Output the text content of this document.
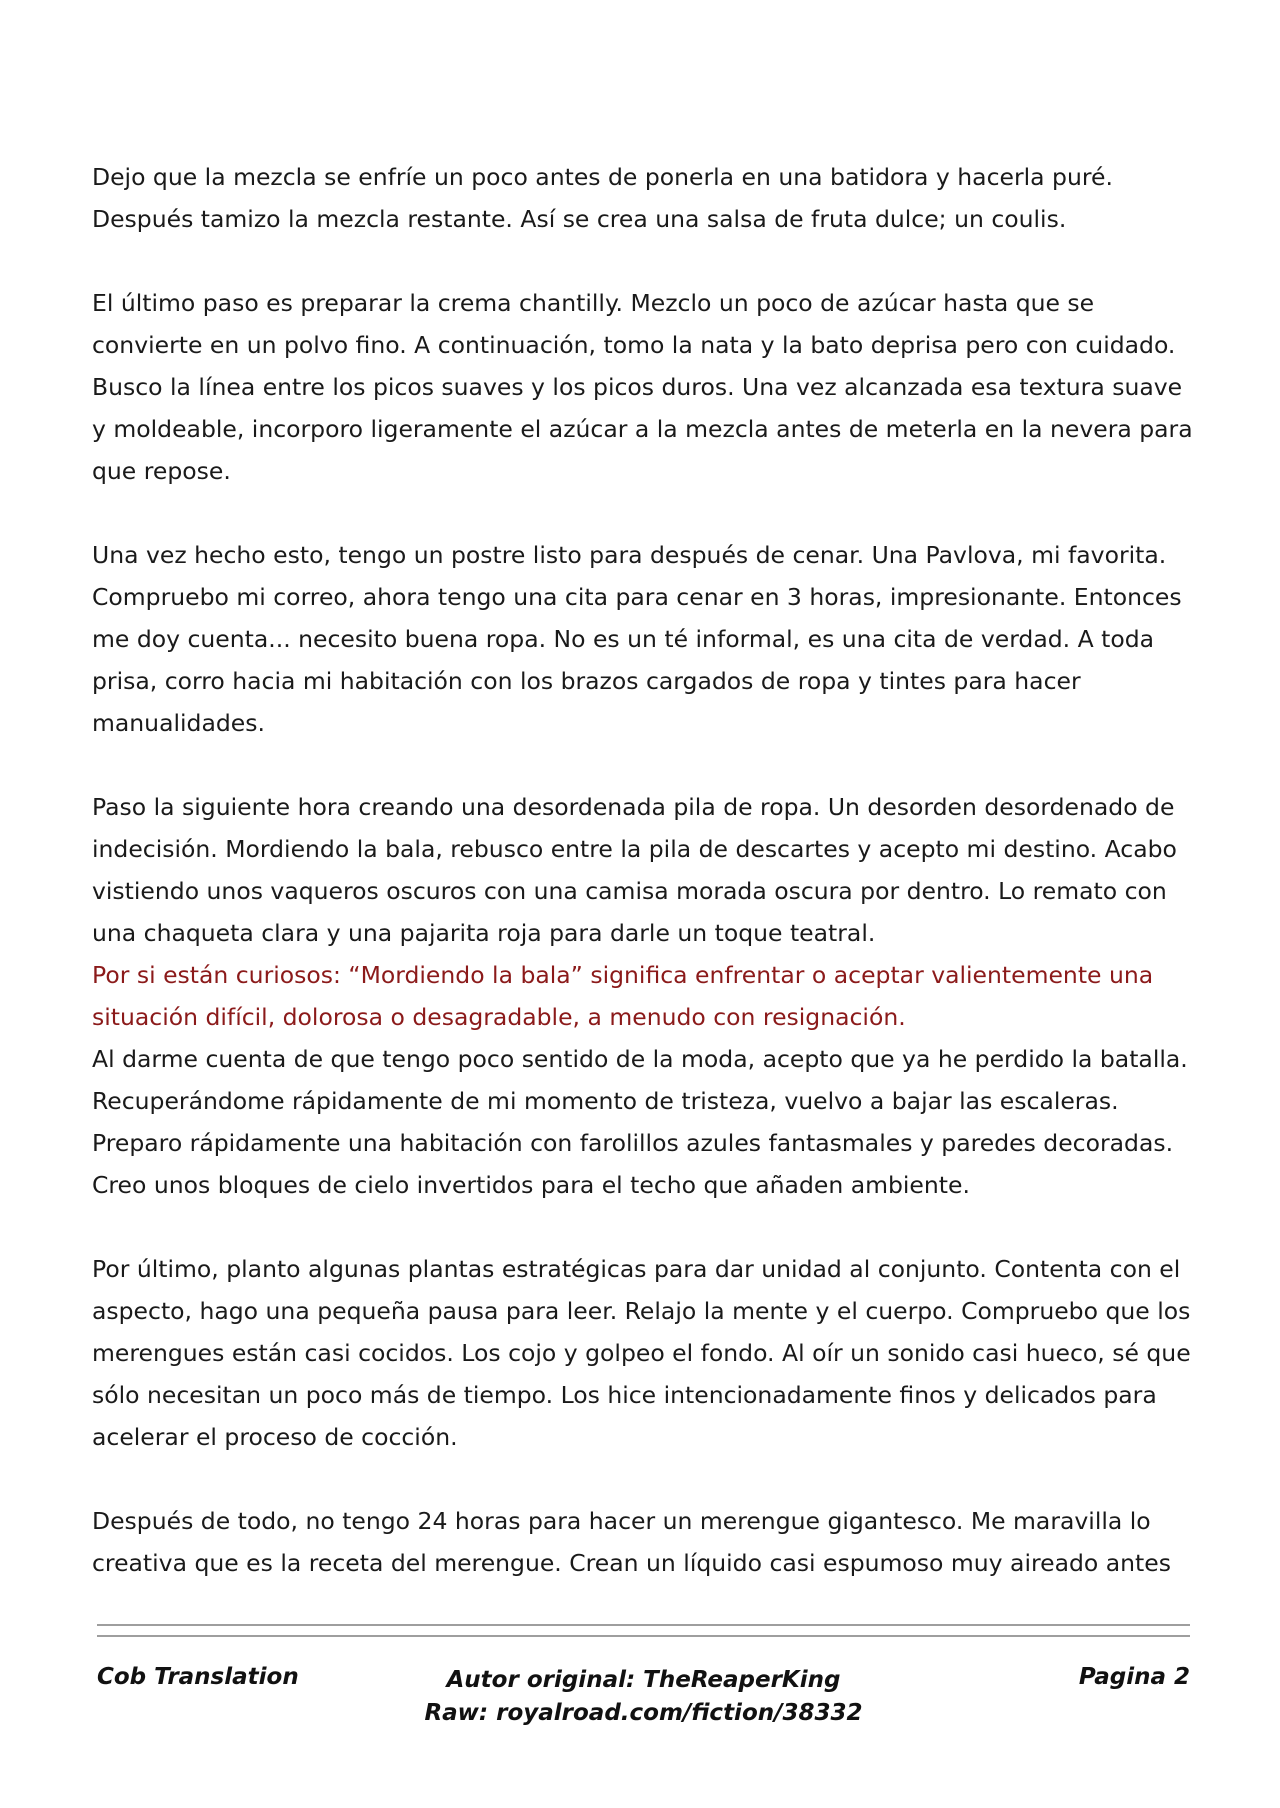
Dejo que la mezcla se enfríe un poco antes de ponerla en una batidora y hacerla puré. Después tamizo la mezcla restante. Así se crea una salsa de fruta dulce; un coulis.

El último paso es preparar la crema chantilly. Mezclo un poco de azúcar hasta que se convierte en un polvo fino. A continuación, tomo la nata y la bato deprisa pero con cuidado. Busco la línea entre los picos suaves y los picos duros. Una vez alcanzada esa textura suave y moldeable, incorporo ligeramente el azúcar a la mezcla antes de meterla en la nevera para que repose.

Una vez hecho esto, tengo un postre listo para después de cenar. Una Pavlova, mi favorita. Compruebo mi correo, ahora tengo una cita para cenar en 3 horas, impresionante. Entonces me doy cuenta... necesito buena ropa. No es un té informal, es una cita de verdad. A toda prisa, corro hacia mi habitación con los brazos cargados de ropa y tintes para hacer manualidades.

Paso la siguiente hora creando una desordenada pila de ropa. Un desorden desordenado de indecisión. Mordiendo la bala, rebusco entre la pila de descartes y acepto mi destino. Acabo vistiendo unos vaqueros oscuros con una camisa morada oscura por dentro. Lo remato con una chaqueta clara y una pajarita roja para darle un toque teatral.

Por si están curiosos: “Mordiendo la bala” significa enfrentar o aceptar valientemente una situación difícil, dolorosa o desagradable, a menudo con resignación.

Al darme cuenta de que tengo poco sentido de la moda, acepto que ya he perdido la batalla. Recuperándome rápidamente de mi momento de tristeza, vuelvo a bajar las escaleras. Preparo rápidamente una habitación con farolillos azules fantasmales y paredes decoradas. Creo unos bloques de cielo invertidos para el techo que añaden ambiente.

Por último, planto algunas plantas estratégicas para dar unidad al conjunto. Contenta con el aspecto, hago una pequeña pausa para leer. Relajo la mente y el cuerpo. Compruebo que los merengues están casi cocidos. Los cojo y golpeo el fondo. Al oír un sonido casi hueco, sé que sólo necesitan un poco más de tiempo. Los hice intencionadamente finos y delicados para acelerar el proceso de cocción.

Después de todo, no tengo 24 horas para hacer un merengue gigantesco. Me maravilla lo creativa que es la receta del merengue. Crean un líquido casi espumoso muy aireado antes

Cob Translation	Autor original: TheReaperKing
Raw: royalroad.com/fiction/38332
Pagina 2
